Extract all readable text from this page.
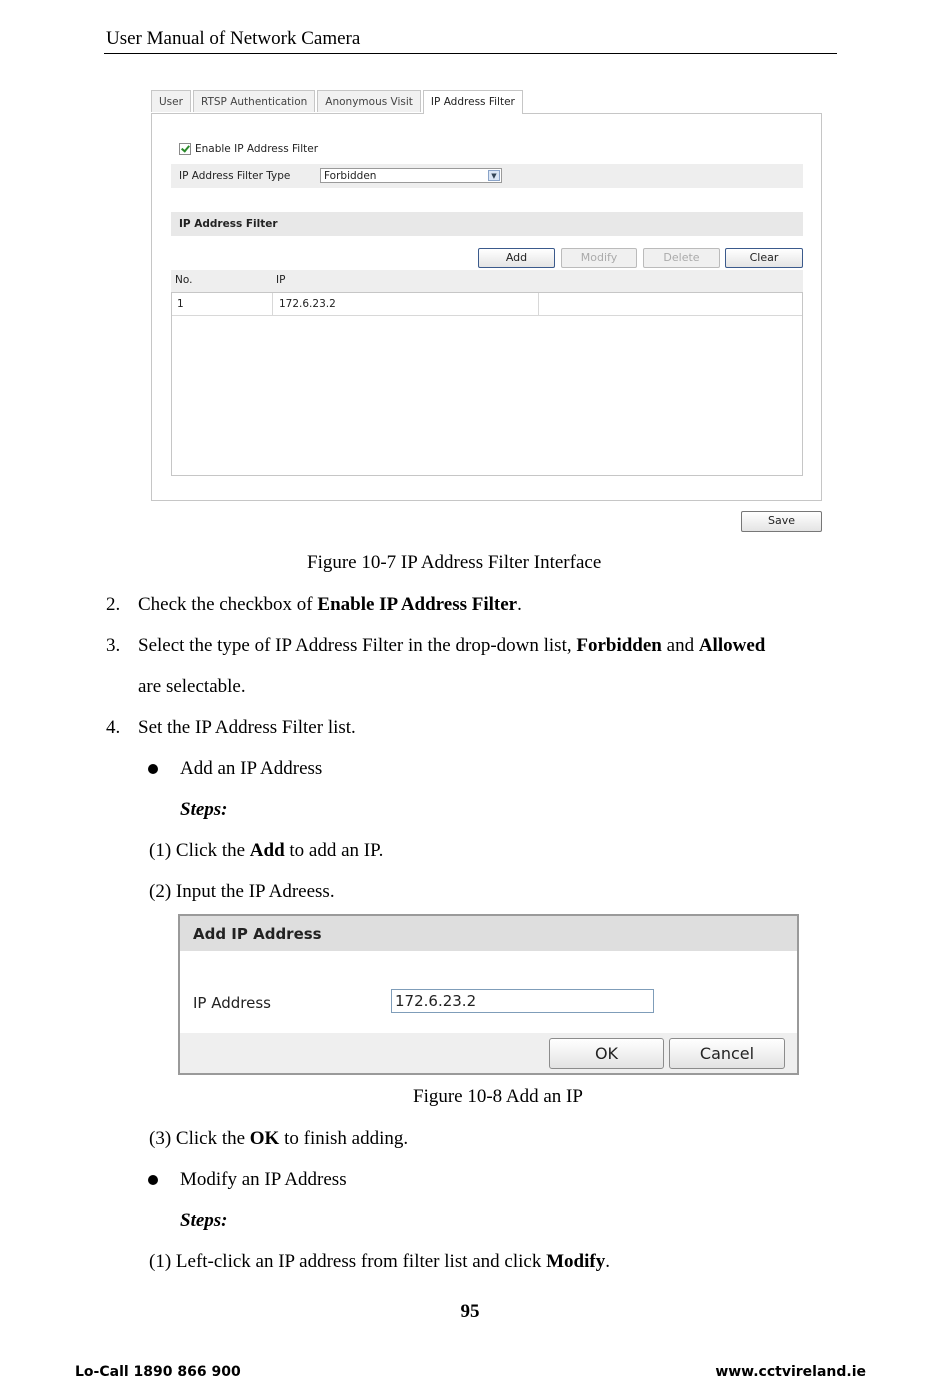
User Manual of Network Camera
User	RTSP Authentication	Anonymous Visit	IP Address Filter
Enable IP Address Filter
IP Address Filter Type	Forbidden	▼
IP Address Filter
Add	Modify	Delete	Clear
No.	IP
1	172.6.23.2
Save
Figure 10-7 IP Address Filter Interface
2. Check the checkbox of Enable IP Address Filter.
3. Select the type of IP Address Filter in the drop-down list, Forbidden and Allowed
are selectable.
4. Set the IP Address Filter list.
Add an IP Address
Steps:
(1) Click the Add to add an IP.
(2) Input the IP Adreess.
Add IP Address
IP Address	172.6.23.2
OK	Cancel
Figure 10-8 Add an IP
(3) Click the OK to finish adding.
Modify an IP Address
Steps:
(1) Left-click an IP address from filter list and click Modify.
95
Lo-Call 1890 866 900	www.cctvireland.ie
